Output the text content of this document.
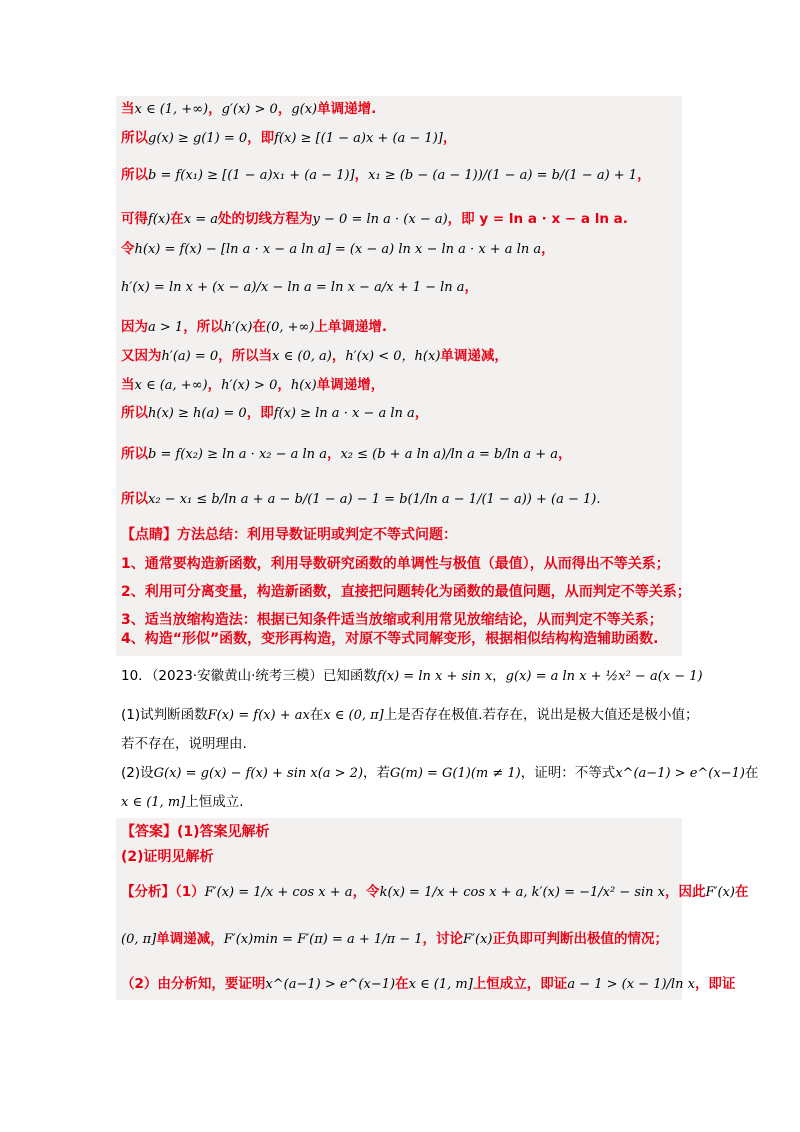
当x ∈ (1, +∞)，g′(x) > 0，g(x)单调递增.
所以g(x) ≥ g(1) = 0，即f(x) ≥ [(1 − a)x + (a − 1)]，
所以b = f(x₁) ≥ [(1 − a)x₁ + (a − 1)]，x₁ ≥ (b − (a − 1))/(1 − a) = b/(1 − a) + 1，
可得f(x)在x = a处的切线方程为y − 0 = ln a · (x − a)，即 y = ln a · x − a ln a.
令h(x) = f(x) − [ln a · x − a ln a] = (x − a) ln x − ln a · x + a ln a，
h′(x) = ln x + (x − a)/x − ln a = ln x − a/x + 1 − ln a，
因为a > 1，所以h′(x)在(0, +∞)上单调递增.
又因为h′(a) = 0，所以当x ∈ (0, a)，h′(x) < 0，h(x)单调递减，
当x ∈ (a, +∞)，h′(x) > 0，h(x)单调递增，
所以h(x) ≥ h(a) = 0，即f(x) ≥ ln a · x − a ln a，
所以b = f(x₂) ≥ ln a · x₂ − a ln a，x₂ ≤ (b + a ln a)/ln a = b/ln a + a，
所以x₂ − x₁ ≤ b/ln a + a − b/(1 − a) − 1 = b(1/ln a − 1/(1 − a)) + (a − 1).
【点睛】方法总结：利用导数证明或判定不等式问题：
1、通常要构造新函数，利用导数研究函数的单调性与极值（最值），从而得出不等关系；
2、利用可分离变量，构造新函数，直接把问题转化为函数的最值问题，从而判定不等关系；
3、适当放缩构造法：根据已知条件适当放缩或利用常见放缩结论，从而判定不等关系；
4、构造“形似”函数，变形再构造，对原不等式同解变形，根据相似结构构造辅助函数.
10．（2023·安徽黄山·统考三模）已知函数f(x) = ln x + sin x，g(x) = a ln x + ½x² − a(x − 1)
(1)试判断函数F(x) = f(x) + ax在x ∈ (0, π]上是否存在极值.若存在，说出是极大值还是极小值；
若不存在，说明理由.
(2)设G(x) = g(x) − f(x) + sin x(a > 2)，若G(m) = G(1)(m ≠ 1)，证明：不等式x^(a−1) > e^(x−1)在
x ∈ (1, m]上恒成立.
【答案】(1)答案见解析
(2)证明见解析
【分析】（1）F′(x) = 1/x + cos x + a，令k(x) = 1/x + cos x + a, k′(x) = −1/x² − sin x，因此F′(x)在
(0, π]单调递减，F′(x)min = F′(π) = a + 1/π − 1，讨论F′(x)正负即可判断出极值的情况；
（2）由分析知，要证明x^(a−1) > e^(x−1)在x ∈ (1, m]上恒成立，即证a − 1 > (x − 1)/ln x，即证
